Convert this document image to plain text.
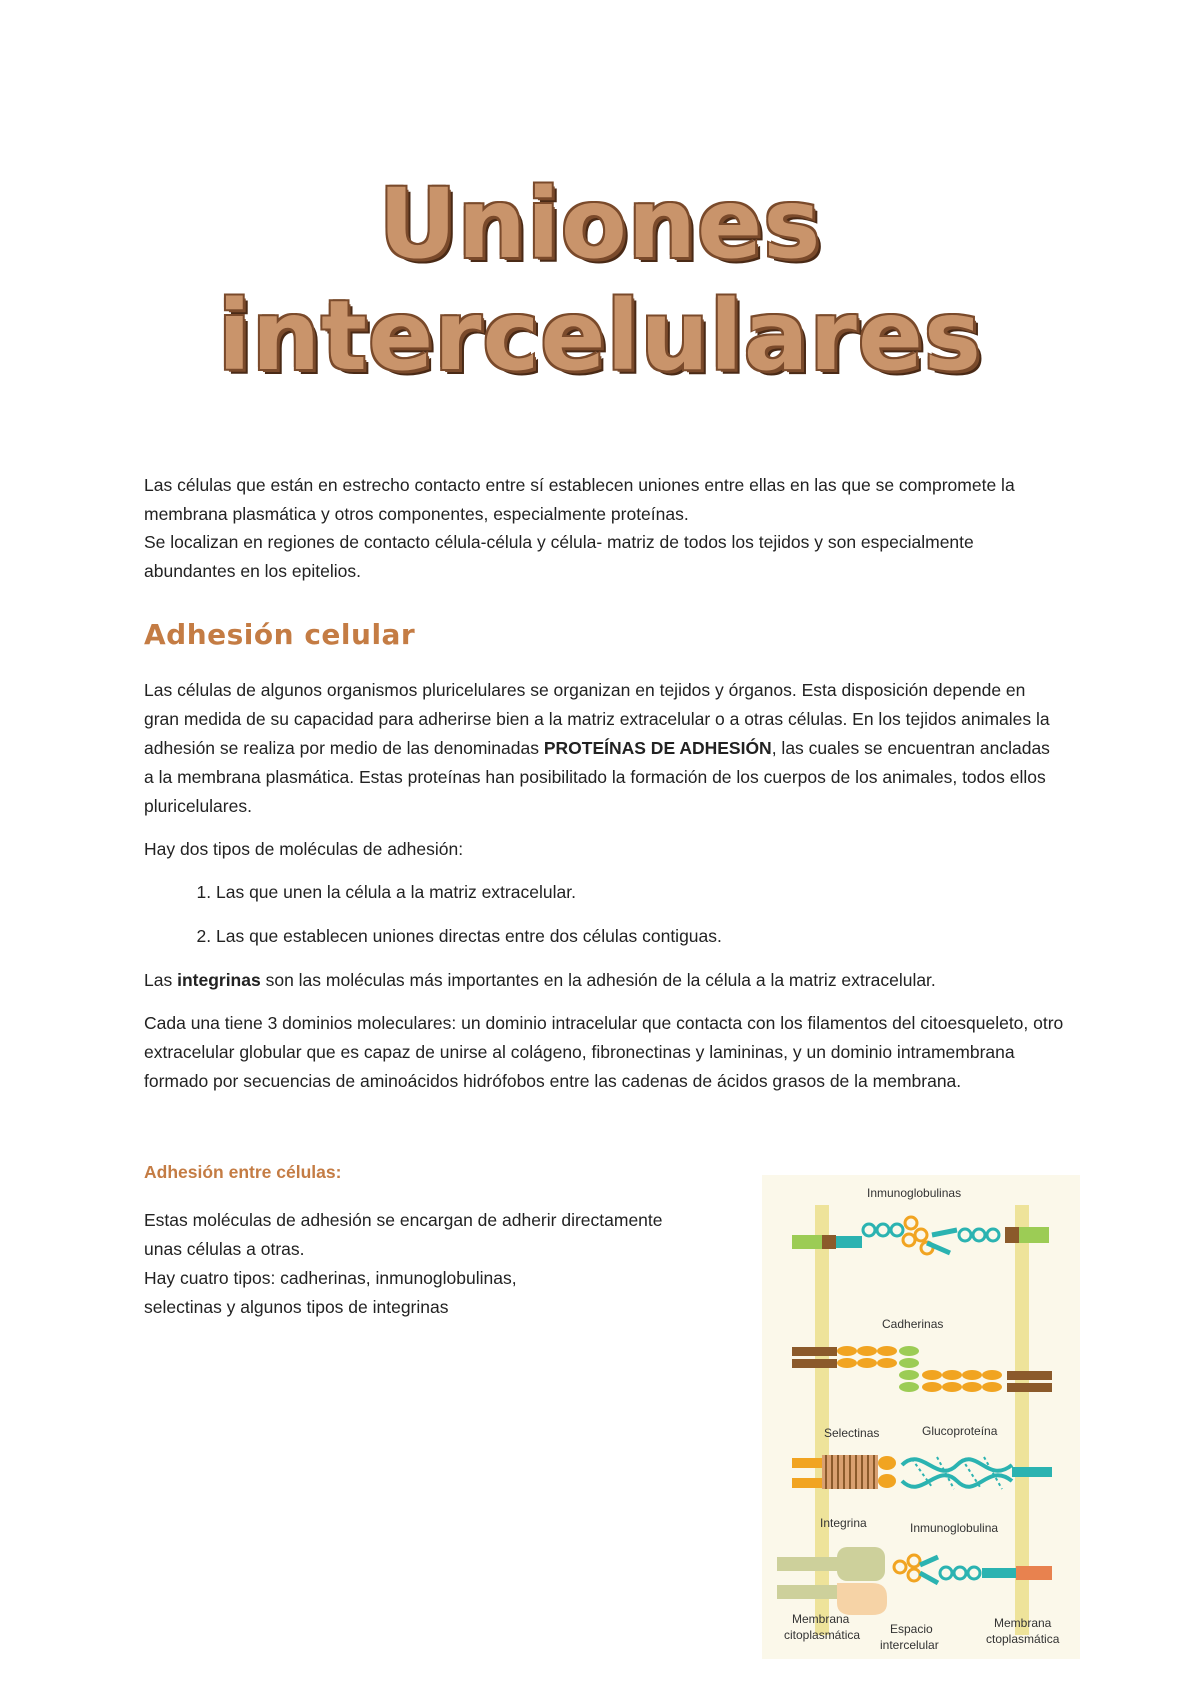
Uniones
intercelulares

Las células que están en estrecho contacto entre sí establecen uniones entre ellas en las que se compromete la membrana plasmática y otros componentes, especialmente proteínas.

Se localizan en regiones de contacto célula-célula y célula- matriz de todos los tejidos y son especialmente abundantes en los epitelios.

Adhesión celular

Las células de algunos organismos pluricelulares se organizan en tejidos y órganos. Esta disposición depende en gran medida de su capacidad para adherirse bien a la matriz extracelular o a otras células. En los tejidos animales la adhesión se realiza por medio de las denominadas PROTEÍNAS DE ADHESIÓN, las cuales se encuentran ancladas a la membrana plasmática. Estas proteínas han posibilitado la formación de los cuerpos de los animales, todos ellos pluricelulares.

Hay dos tipos de moléculas de adhesión:

1. Las que unen la célula a la matriz extracelular.
2. Las que establecen uniones directas entre dos células contiguas.

Las integrinas son las moléculas más importantes en la adhesión de la célula a la matriz extracelular.

Cada una tiene 3 dominios moleculares: un dominio intracelular que contacta con los filamentos del citoesqueleto, otro extracelular globular que es capaz de unirse al colágeno, fibronectinas y lamininas, y un dominio intramembrana formado por secuencias de aminoácidos hidrófobos entre las cadenas de ácidos grasos de la membrana.

Adhesión entre células:

Estas moléculas de adhesión se encargan de adherir directamente

unas células a otras.

Hay cuatro tipos: cadherinas, inmunoglobulinas,

selectinas y algunos tipos de integrinas

Inmunoglobulinas
Cadherinas
Selectinas	Glucoproteína
Integrina	Inmunoglobulina
Membrana
citoplasmática Espacio
intercelular
Membrana
ctoplasmática
